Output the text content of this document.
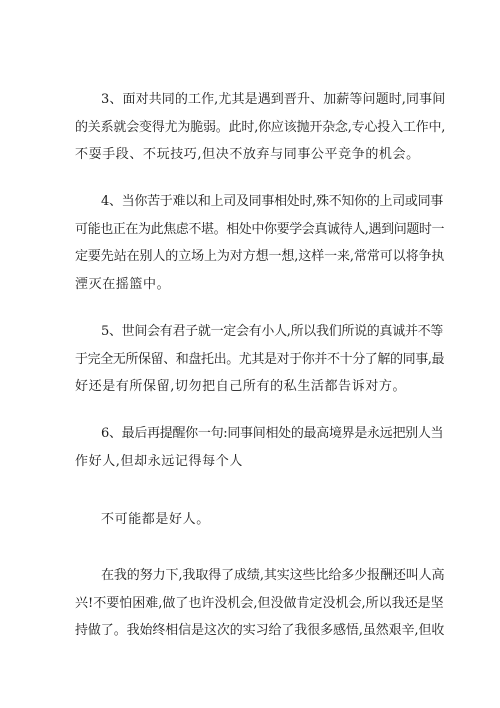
3、面对共同的工作,尤其是遇到晋升、加薪等问题时,同事间
的关系就会变得尤为脆弱。此时,你应该抛开杂念,专心投入工作中,
不耍手段、不玩技巧,但决不放弃与同事公平竞争的机会。

4、当你苦于难以和上司及同事相处时,殊不知你的上司或同事
可能也正在为此焦虑不堪。相处中你要学会真诚待人,遇到问题时一
定要先站在别人的立场上为对方想一想,这样一来,常常可以将争执
湮灭在摇篮中。

5、世间会有君子就一定会有小人,所以我们所说的真诚并不等
于完全无所保留、和盘托出。尤其是对于你并不十分了解的同事,最
好还是有所保留,切勿把自己所有的私生活都告诉对方。

6、最后再提醒你一句:同事间相处的最高境界是永远把别人当
作好人,但却永远记得每个人

不可能都是好人。

在我的努力下,我取得了成绩,其实这些比给多少报酬还叫人高
兴!不要怕困难,做了也许没机会,但没做肯定没机会,所以我还是坚
持做了。我始终相信是这次的实习给了我很多感悟,虽然艰辛,但收
